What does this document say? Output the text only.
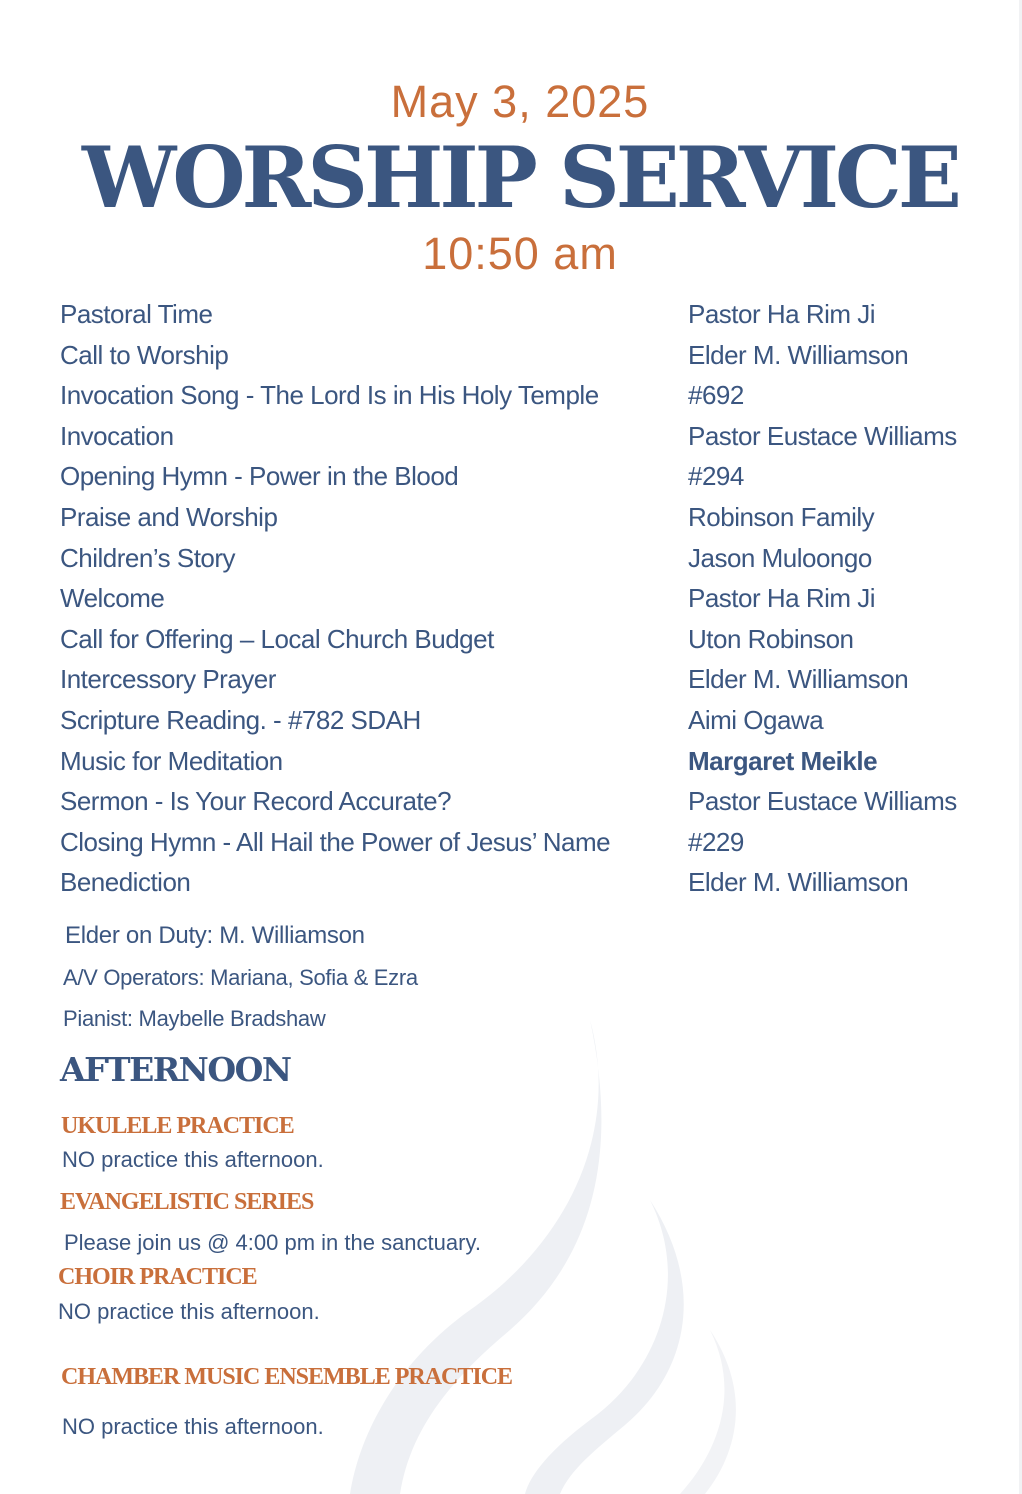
May 3, 2025
WORSHIP SERVICE
10:50 am
Pastoral Time	Pastor Ha Rim Ji
Call to Worship	Elder M. Williamson
Invocation Song - The Lord Is in His Holy Temple	#692
Invocation	Pastor Eustace Williams
Opening Hymn - Power in the Blood	#294
Praise and Worship	Robinson Family
Children’s Story	Jason Muloongo
Welcome	Pastor Ha Rim Ji
Call for Offering – Local Church Budget	Uton Robinson
Intercessory Prayer	Elder M. Williamson
Scripture Reading. - #782 SDAH	Aimi Ogawa
Music for Meditation	Margaret Meikle
Sermon - Is Your Record Accurate?	Pastor Eustace Williams
Closing Hymn - All Hail the Power of Jesus’ Name	#229
Benediction	Elder M. Williamson
Elder on Duty: M. Williamson
A/V Operators: Mariana, Sofia & Ezra
Pianist: Maybelle Bradshaw
AFTERNOON
UKULELE PRACTICE
NO practice this afternoon.
EVANGELISTIC SERIES
Please join us @ 4:00 pm in the sanctuary.
CHOIR PRACTICE
NO practice this afternoon.
CHAMBER MUSIC ENSEMBLE PRACTICE
NO practice this afternoon.
